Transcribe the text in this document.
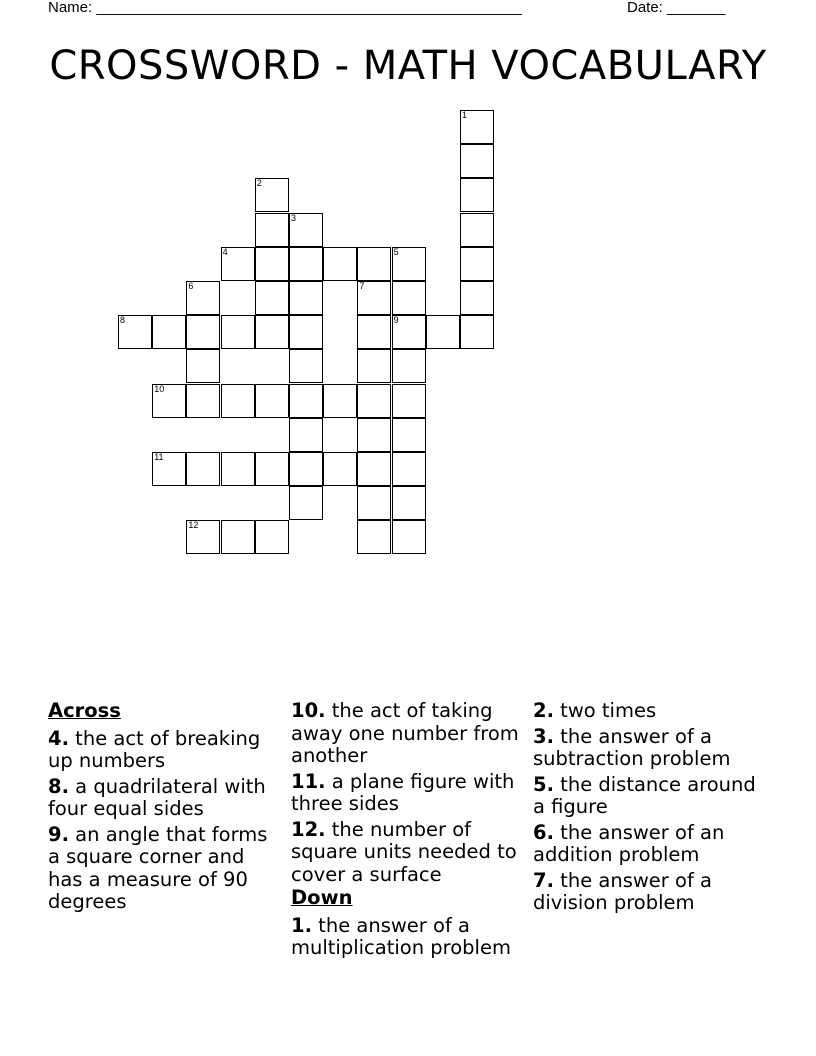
Name: ___________________________________________________	Date: _______
CROSSWORD - MATH VOCABULARY
1
2
3
4	5
9
6	7
8
10
11
12
Across
4. the act of breaking up numbers
8. a quadrilateral with four equal sides
9. an angle that forms a square corner and has a measure of 90 degrees
10. the act of taking away one number from another
11. a plane figure with three sides
12. the number of square units needed to cover a surface
Down
1. the answer of a multiplication problem
2. two times
3. the answer of a subtraction problem
5. the distance around a figure
6. the answer of an addition problem
7. the answer of a division problem
